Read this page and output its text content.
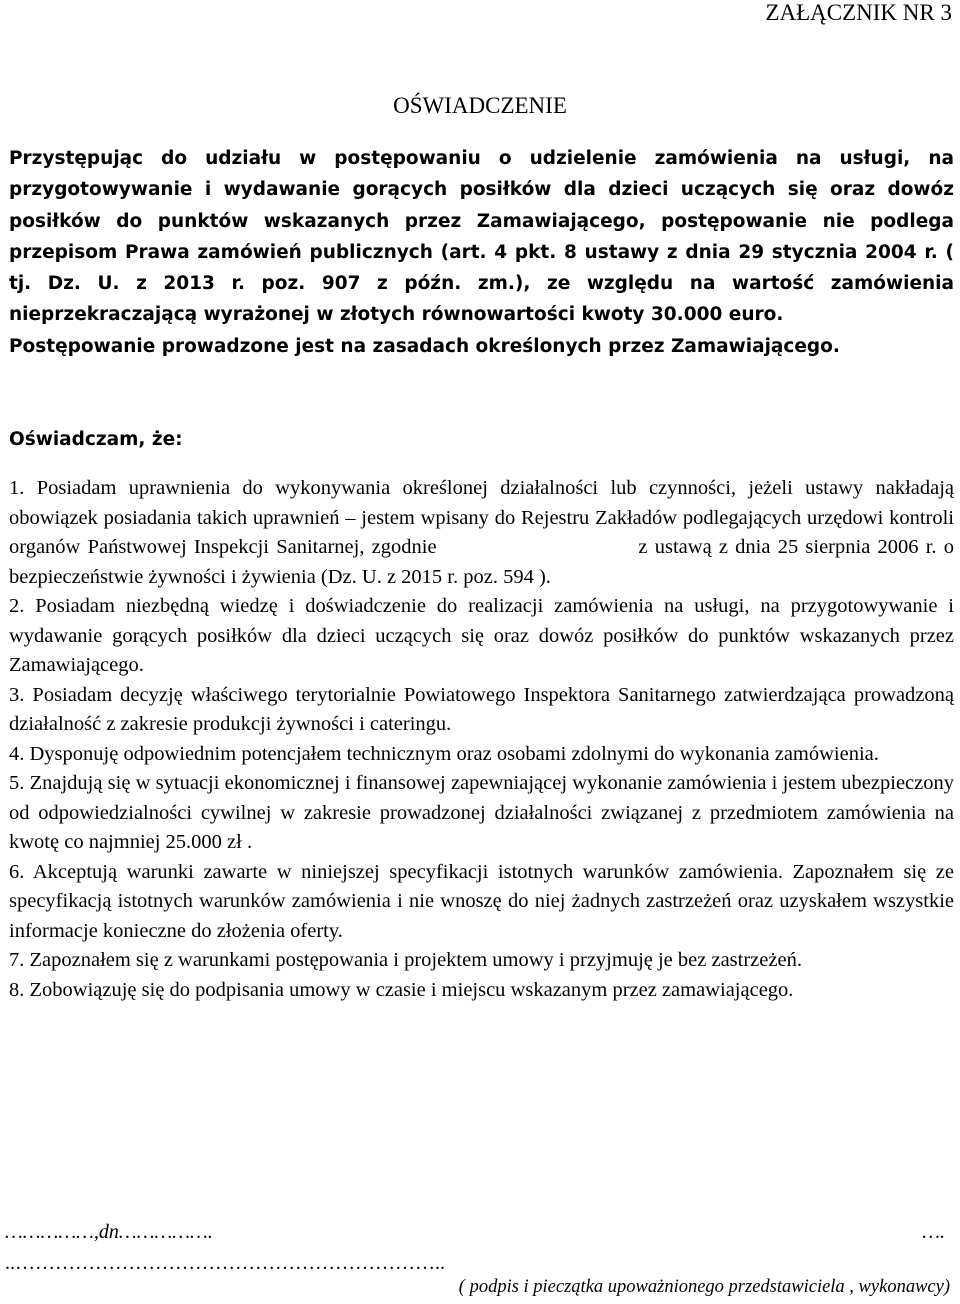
ZAŁĄCZNIK NR 3
OŚWIADCZENIE

Przystępując do udziału w postępowaniu o udzielenie zamówienia na usługi, na przygotowywanie i wydawanie gorących posiłków dla dzieci uczących się oraz dowóz posiłków do punktów wskazanych przez Zamawiającego, postępowanie nie podlega przepisom Prawa zamówień publicznych (art. 4 pkt. 8 ustawy z dnia 29 stycznia 2004 r. ( tj. Dz. U. z 2013 r. poz. 907 z późn. zm.), ze względu na wartość zamówienia nieprzekraczającą wyrażonej w złotych równowartości kwoty 30.000 euro.

Postępowanie prowadzone jest na zasadach określonych przez Zamawiającego.

Oświadczam, że:
1. Posiadam uprawnienia do wykonywania określonej działalności lub czynności, jeżeli ustawy nakładają obowiązek posiadania takich uprawnień – jestem wpisany do Rejestru Zakładów podlegających urzędowi kontroli organów Państwowej Inspekcji Sanitarnej, zgodnie                            z ustawą z dnia 25 sierpnia 2006 r. o bezpieczeństwie żywności i żywienia (Dz. U. z 2015 r. poz. 594 ).
2. Posiadam niezbędną wiedzę i doświadczenie do realizacji zamówienia na usługi, na przygotowywanie i wydawanie gorących posiłków dla dzieci uczących się oraz dowóz posiłków do punktów wskazanych przez Zamawiającego.
3. Posiadam decyzję właściwego terytorialnie Powiatowego Inspektora Sanitarnego zatwierdzająca prowadzoną działalność z zakresie produkcji żywności i cateringu.
4. Dysponuję odpowiednim potencjałem technicznym oraz osobami zdolnymi do wykonania zamówienia.
5. Znajdują się w sytuacji ekonomicznej i finansowej zapewniającej wykonanie zamówienia i jestem ubezpieczony od odpowiedzialności cywilnej w zakresie prowadzonej działalności związanej z przedmiotem zamówienia na kwotę co najmniej 25.000 zł .
6. Akceptują warunki zawarte w niniejszej specyfikacji istotnych warunków zamówienia. Zapoznałem się ze specyfikacją istotnych warunków zamówienia i nie wnoszę do niej żadnych zastrzeżeń oraz uzyskałem wszystkie informacje konieczne do złożenia oferty.
7. Zapoznałem się z warunkami postępowania i projektem umowy i przyjmuję je bez zastrzeżeń.
8. Zobowiązuję się do podpisania umowy w czasie i miejscu wskazanym przez zamawiającego.
……………,dn…………….	….
..………………………………………………………..
( podpis i pieczątka upoważnionego przedstawiciela , wykonawcy)
